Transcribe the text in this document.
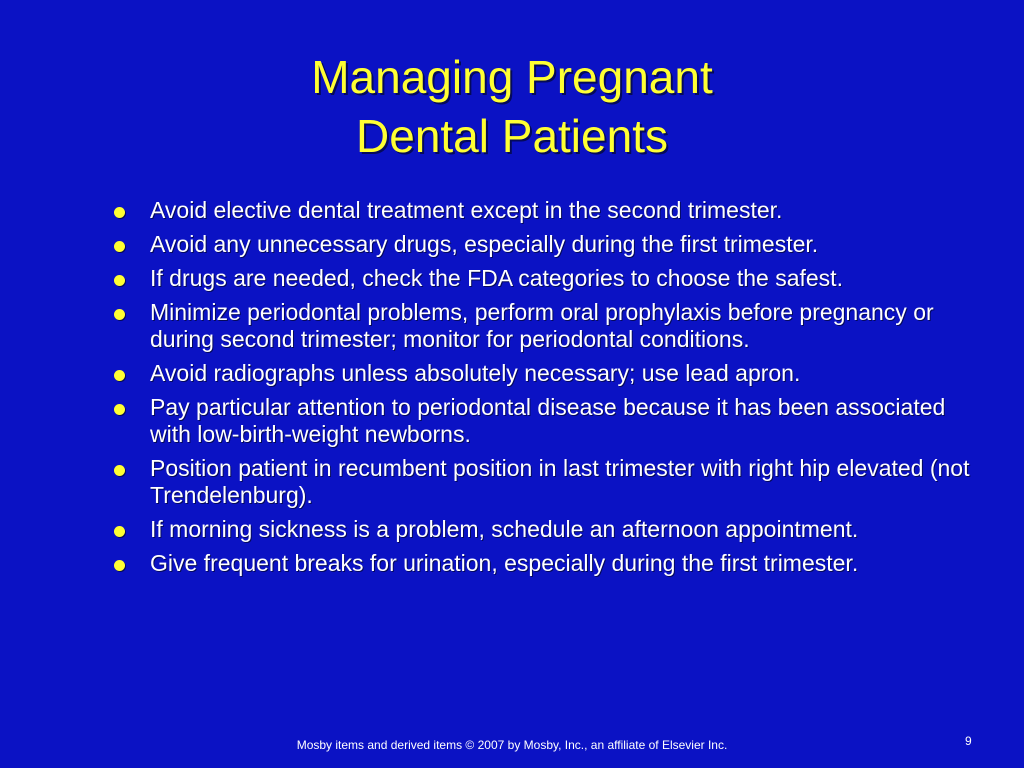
Managing Pregnant
Dental Patients
Avoid elective dental treatment except in the second trimester.
Avoid any unnecessary drugs, especially during the first trimester.
If drugs are needed, check the FDA categories to choose the safest.
Minimize periodontal problems, perform oral prophylaxis before pregnancy or during second trimester; monitor for periodontal conditions.
Avoid radiographs unless absolutely necessary; use lead apron.
Pay particular attention to periodontal disease because it has been associated with low-birth-weight newborns.
Position patient in recumbent position in last trimester with right hip elevated (not Trendelenburg).
If morning sickness is a problem, schedule an afternoon appointment.
Give frequent breaks for urination, especially during the first trimester.
Mosby items and derived items © 2007 by Mosby, Inc., an affiliate of Elsevier Inc.	9
